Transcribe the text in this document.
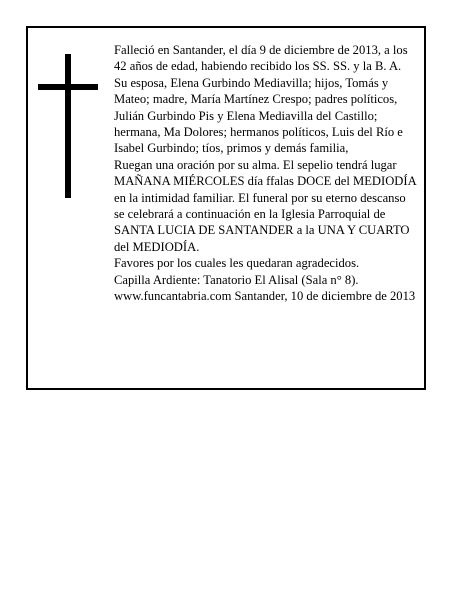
Falleció en Santander, el día 9 de diciembre de 2013, a los 42 años de edad, habiendo recibido los SS. SS. y la B. A.

Su esposa, Elena Gurbindo Mediavilla; hijos, Tomás y Mateo; madre, María Martínez Crespo; padres políticos, Julián Gurbindo Pis y Elena Mediavilla del Castillo; hermana, Ma Dolores; hermanos políticos, Luis del Río e Isabel Gurbindo; tíos, primos y demás familia,

Ruegan una oración por su alma. El sepelio tendrá lugar MAÑANA MIÉRCOLES día ffalas DOCE del MEDIODÍA en la intimidad familiar. El funeral por su eterno descanso se celebrará a continuación en la Iglesia Parroquial de SANTA LUCIA DE SANTANDER a la UNA Y CUARTO del MEDIODÍA.

Favores por los cuales les quedaran agradecidos.

Capilla Ardiente: Tanatorio El Alisal (Sala n° 8).

www.funcantabria.com Santander, 10 de diciembre de 2013
